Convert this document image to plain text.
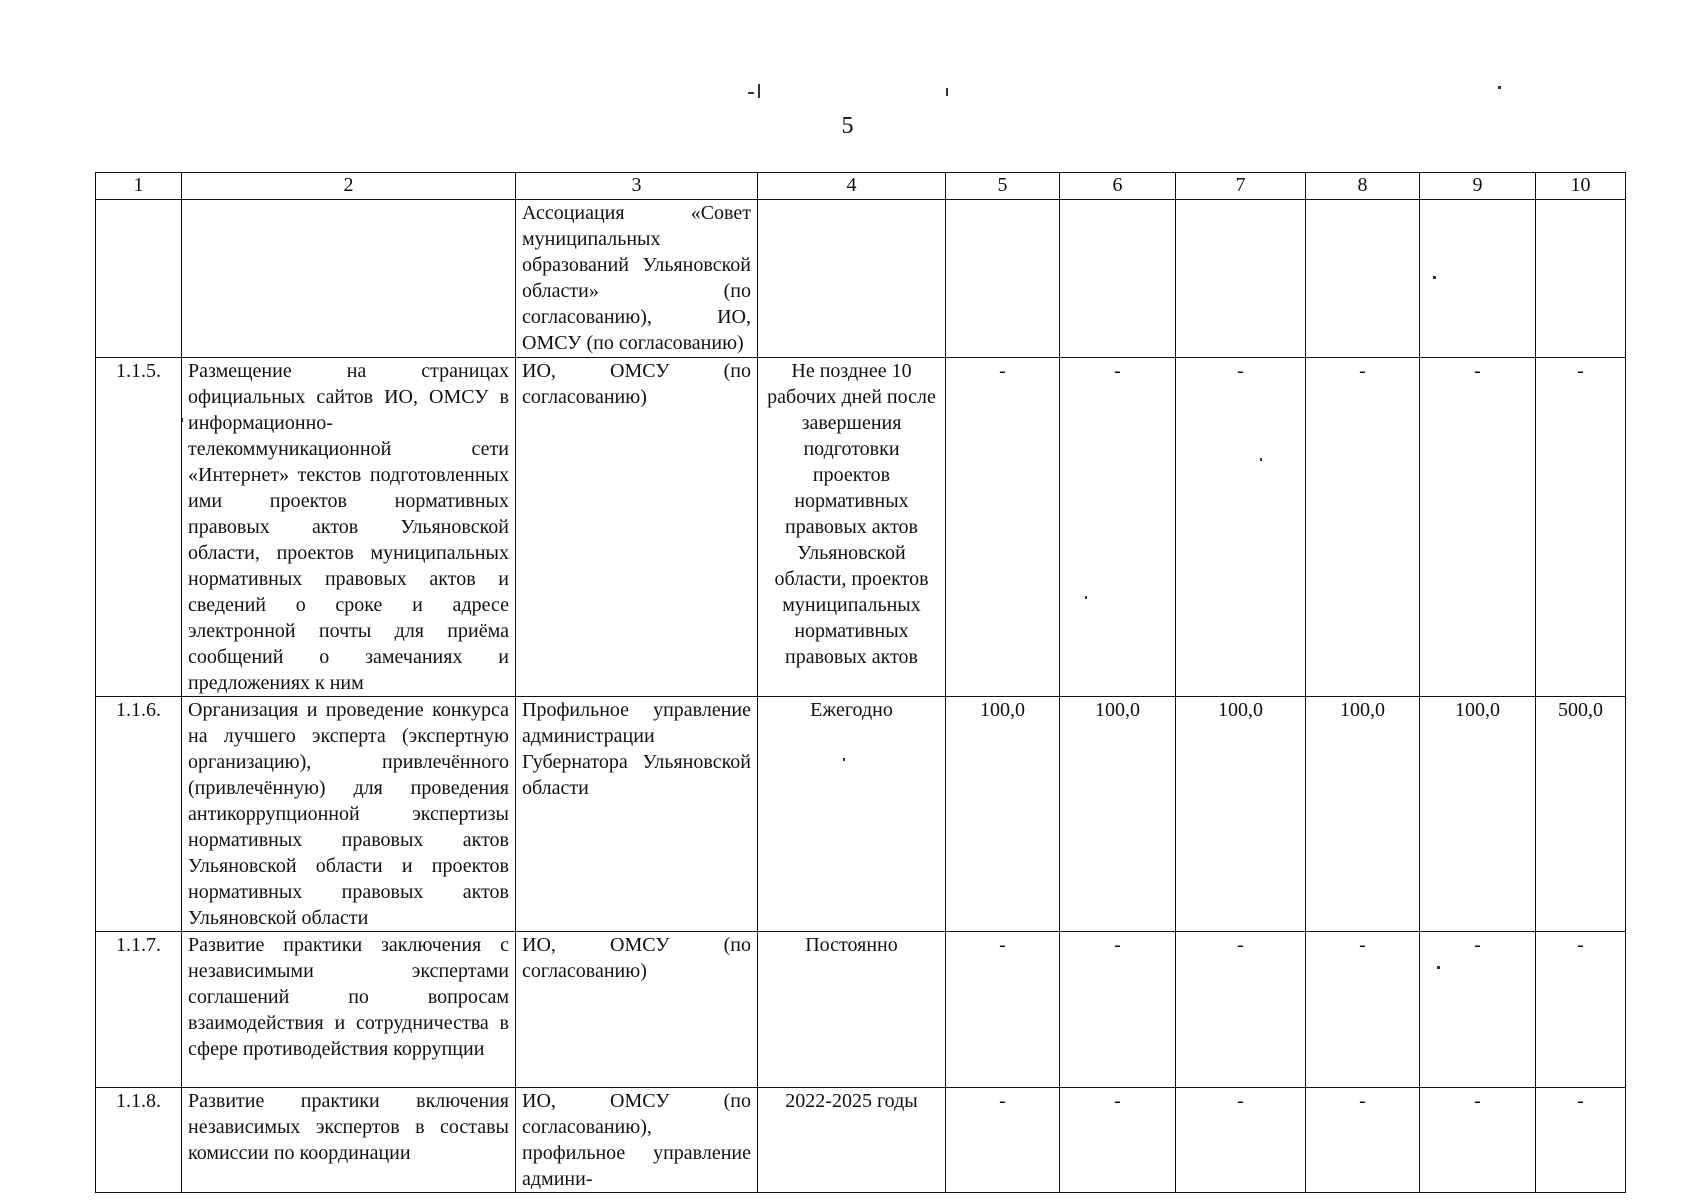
5
1	2	3	4	5	6	7	8	9	10
		Ассоциация «Совет муниципальных образований Ульяновской области» (по согласованию), ИО, ОМСУ (по согласованию)							
1.1.5.	Размещение на страницах официальных сайтов ИО, ОМСУ в информационно-телекоммуникационной сети «Интернет» текстов подготовленных ими проектов нормативных правовых актов Ульяновской области, проектов муниципальных нормативных правовых актов и сведений о сроке и адресе электронной почты для приёма сообщений о замечаниях и предложениях к ним	ИО, ОМСУ (по согласованию)	Не позднее 10 рабочих дней после завершения подготовки проектов нормативных правовых актов Ульяновской области, проектов муниципальных нормативных правовых актов	-	-	-	-	-	-
1.1.6.	Организация и проведение конкурса на лучшего эксперта (экспертную организацию), привлечённого (привлечённую) для проведения антикоррупционной экспертизы нормативных правовых актов Ульяновской области и проектов нормативных правовых актов Ульяновской области	Профильное управление администрации Губернатора Ульяновской области	Ежегодно	100,0	100,0	100,0	100,0	100,0	500,0
1.1.7.	Развитие практики заключения с независимыми экспертами соглашений по вопросам взаимодействия и сотрудничества в сфере противодействия коррупции	ИО, ОМСУ (по согласованию)	Постоянно	-	-	-	-	-	-
1.1.8.	Развитие практики включения независимых экспертов в составы комиссии по координации	ИО, ОМСУ (по согласованию), профильное управление админи-	2022-2025 годы	-	-	-	-	-	-
